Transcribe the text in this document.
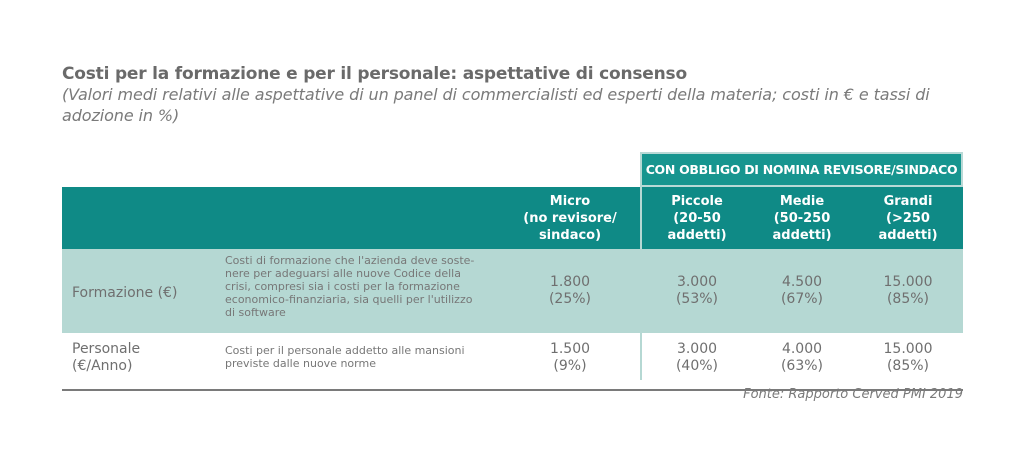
Costi per la formazione e per il personale: aspettative di consenso
(Valori medi relativi alle aspettative di un panel di commercialisti ed esperti della materia; costi in € e tassi di adozione in %)
CON OBBLIGO DI NOMINA REVISORE/SINDACO
Micro
(no revisore/
sindaco)
Piccole
(20-50
addetti)
Medie
(50-250
addetti)
Grandi
(>250
addetti)
Formazione (€)
Costi di formazione che l'azienda deve soste-
nere per adeguarsi alle nuove Codice della
crisi, compresi sia i costi per la formazione
economico-finanziaria, sia quelli per l'utilizzo
di software
1.800
(25%)
3.000
(53%)
4.500
(67%)
15.000
(85%)
Personale
(€/Anno)
Costi per il personale addetto alle mansioni
previste dalle nuove norme
1.500
(9%)
3.000
(40%)
4.000
(63%)
15.000
(85%)
Fonte: Rapporto Cerved PMI 2019
